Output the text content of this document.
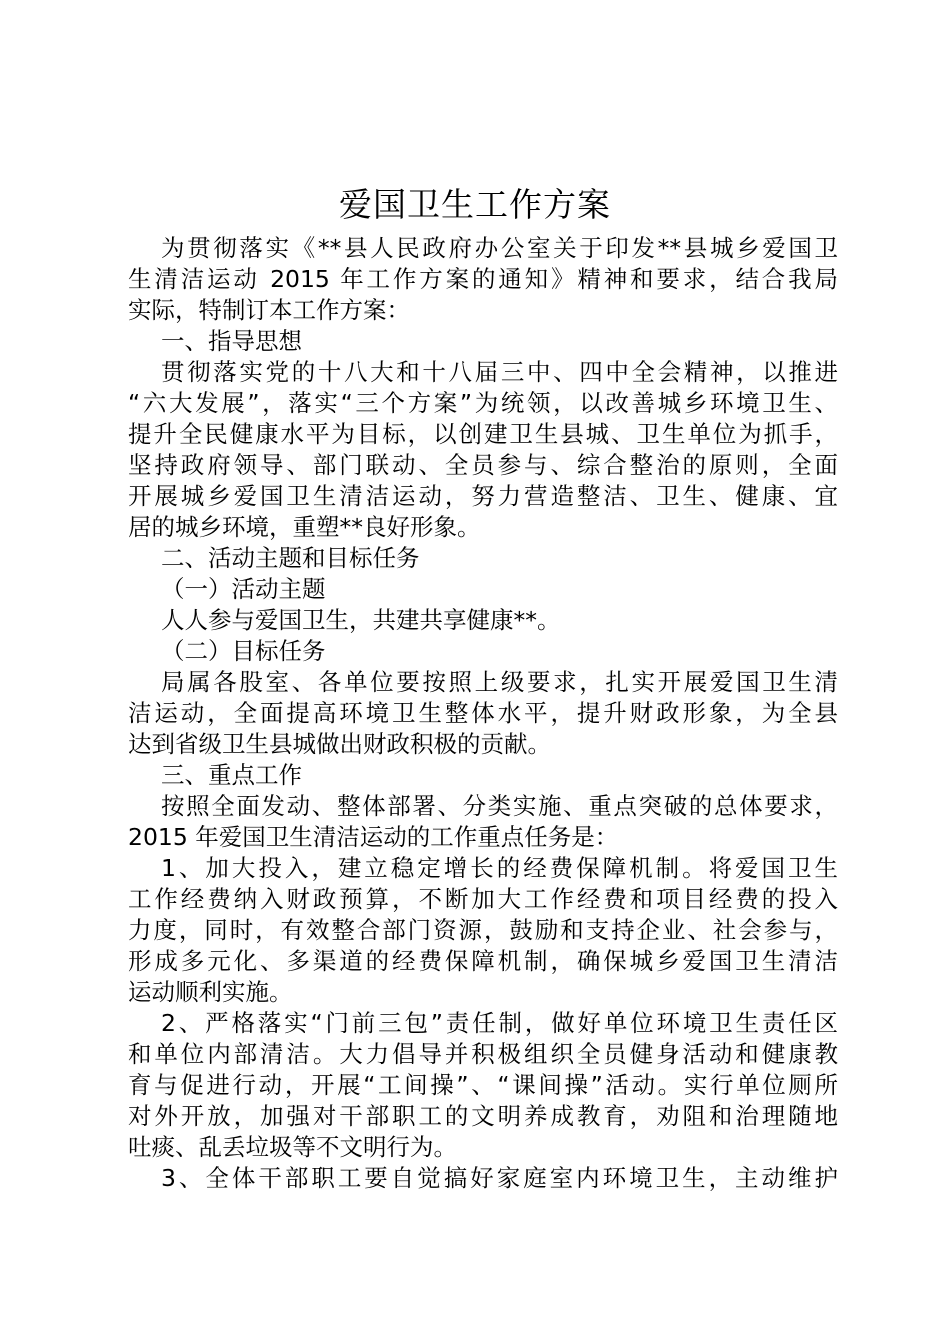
爱国卫生工作方案
为贯彻落实《**县人民政府办公室关于印发**县城乡爱国卫
生清洁运动 2015 年工作方案的通知》精神和要求，结合我局
实际，特制订本工作方案：
一、指导思想
贯彻落实党的十八大和十八届三中、四中全会精神，以推进
“六大发展”，落实“三个方案”为统领，以改善城乡环境卫生、
提升全民健康水平为目标，以创建卫生县城、卫生单位为抓手，
坚持政府领导、部门联动、全员参与、综合整治的原则，全面
开展城乡爱国卫生清洁运动，努力营造整洁、卫生、健康、宜
居的城乡环境，重塑**良好形象。
二、活动主题和目标任务
（一）活动主题
人人参与爱国卫生，共建共享健康**。
（二）目标任务
局属各股室、各单位要按照上级要求，扎实开展爱国卫生清
洁运动，全面提高环境卫生整体水平，提升财政形象，为全县
达到省级卫生县城做出财政积极的贡献。
三、重点工作
按照全面发动、整体部署、分类实施、重点突破的总体要求，
2015 年爱国卫生清洁运动的工作重点任务是：
1、加大投入，建立稳定增长的经费保障机制。将爱国卫生
工作经费纳入财政预算，不断加大工作经费和项目经费的投入
力度，同时，有效整合部门资源，鼓励和支持企业、社会参与，
形成多元化、多渠道的经费保障机制，确保城乡爱国卫生清洁
运动顺利实施。
2、严格落实“门前三包”责任制，做好单位环境卫生责任区
和单位内部清洁。大力倡导并积极组织全员健身活动和健康教
育与促进行动，开展“工间操”、“课间操”活动。实行单位厕所
对外开放，加强对干部职工的文明养成教育，劝阻和治理随地
吐痰、乱丢垃圾等不文明行为。
3、全体干部职工要自觉搞好家庭室内环境卫生，主动维护
